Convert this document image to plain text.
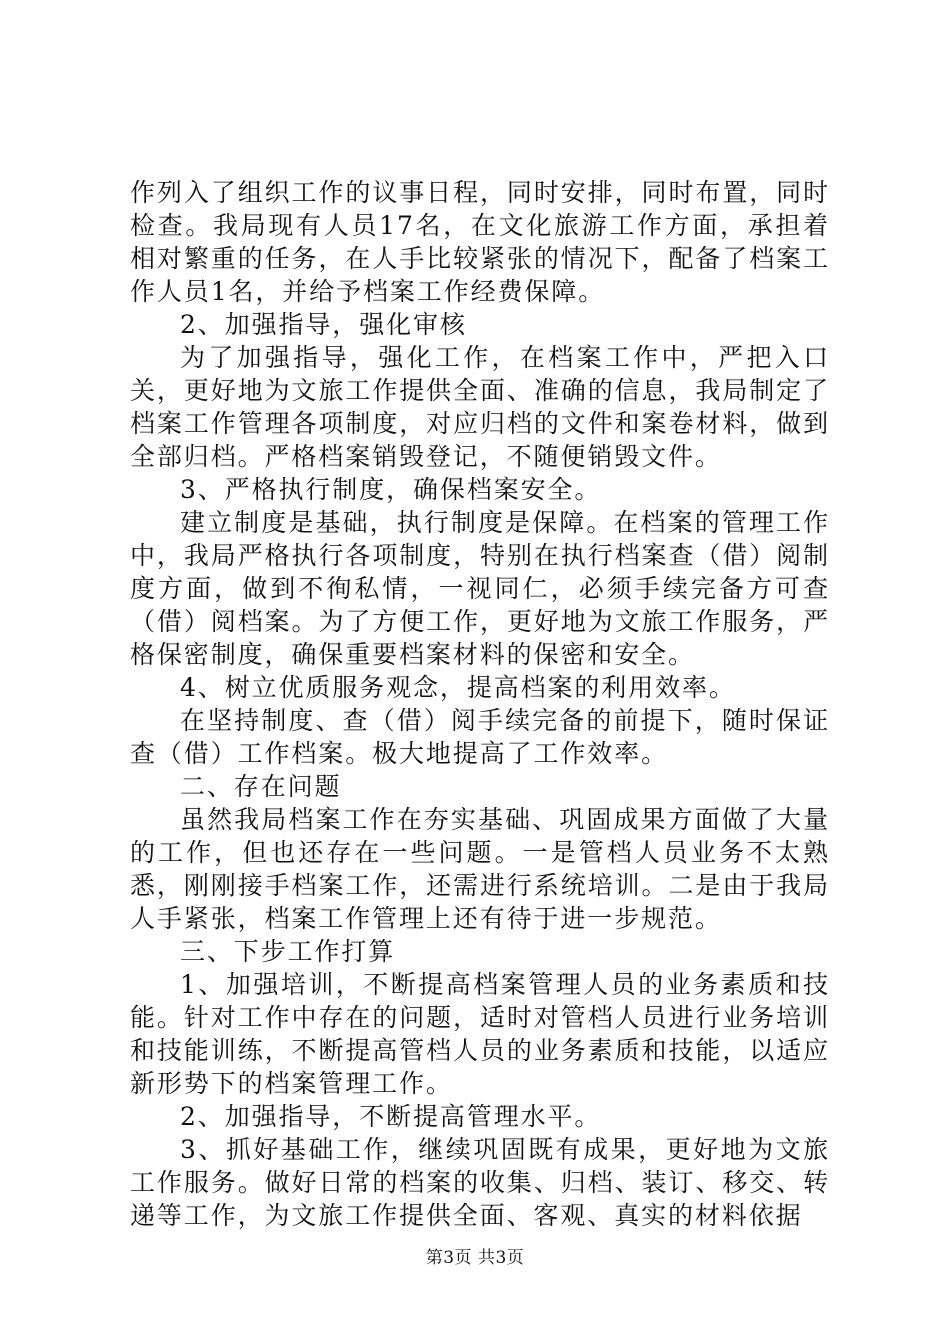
作列入了组织工作的议事日程，同时安排，同时布置，同时检查。我局现有人员17名，在文化旅游工作方面，承担着相对繁重的任务，在人手比较紧张的情况下，配备了档案工作人员1名，并给予档案工作经费保障。

2、加强指导，强化审核

为了加强指导，强化工作，在档案工作中，严把入口关，更好地为文旅工作提供全面、准确的信息，我局制定了档案工作管理各项制度，对应归档的文件和案卷材料，做到全部归档。严格档案销毁登记，不随便销毁文件。

3、严格执行制度，确保档案安全。

建立制度是基础，执行制度是保障。在档案的管理工作中，我局严格执行各项制度，特别在执行档案查（借）阅制度方面，做到不徇私情，一视同仁，必须手续完备方可查（借）阅档案。为了方便工作，更好地为文旅工作服务，严格保密制度，确保重要档案材料的保密和安全。

4、树立优质服务观念，提高档案的利用效率。

在坚持制度、查（借）阅手续完备的前提下，随时保证查（借）工作档案。极大地提高了工作效率。

二、存在问题

虽然我局档案工作在夯实基础、巩固成果方面做了大量的工作，但也还存在一些问题。一是管档人员业务不太熟悉，刚刚接手档案工作，还需进行系统培训。二是由于我局人手紧张，档案工作管理上还有待于进一步规范。

三、下步工作打算

1、加强培训，不断提高档案管理人员的业务素质和技能。针对工作中存在的问题，适时对管档人员进行业务培训和技能训练，不断提高管档人员的业务素质和技能，以适应新形势下的档案管理工作。

2、加强指导，不断提高管理水平。

3、抓好基础工作，继续巩固既有成果，更好地为文旅工作服务。做好日常的档案的收集、归档、装订、移交、转递等工作，为文旅工作提供全面、客观、真实的材料依据

第3页 共3页
